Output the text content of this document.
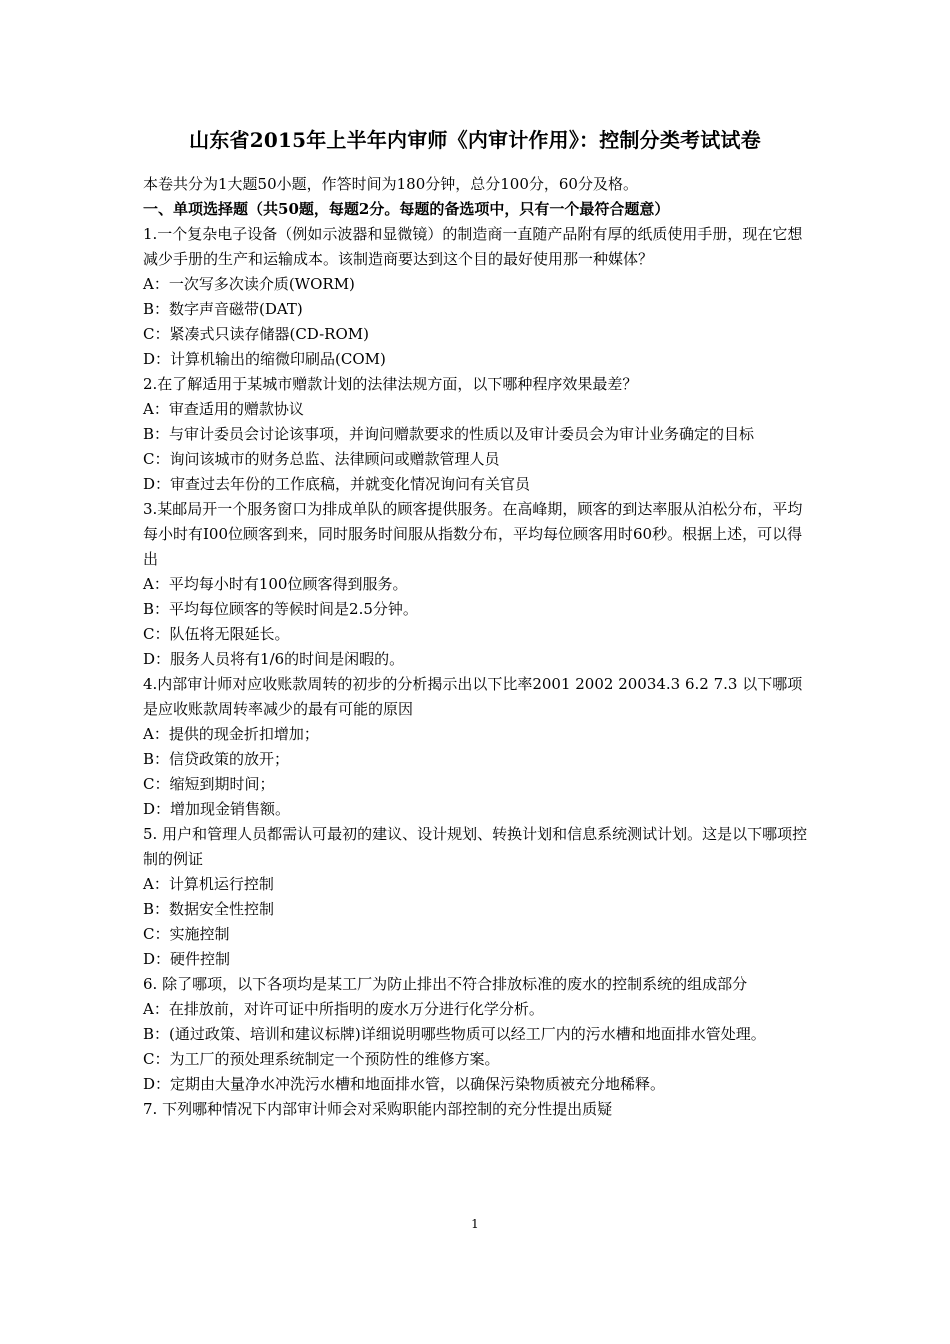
山东省2015年上半年内审师《内审计作用》：控制分类考试试卷

本卷共分为1大题50小题，作答时间为180分钟，总分100分，60分及格。

一、单项选择题（共50题，每题2分。每题的备选项中，只有一个最符合题意）

1.一个复杂电子设备（例如示波器和显微镜）的制造商一直随产品附有厚的纸质使用手册，现在它想减少手册的生产和运输成本。该制造商要达到这个目的最好使用那一种媒体？

A：一次写多次读介质(WORM)

B：数字声音磁带(DAT)

C：紧凑式只读存储器(CD-ROM)

D：计算机输出的缩微印刷品(COM)

2.在了解适用于某城市赠款计划的法律法规方面，以下哪种程序效果最差？

A：审查适用的赠款协议

B：与审计委员会讨论该事项，并询问赠款要求的性质以及审计委员会为审计业务确定的目标

C：询问该城市的财务总监、法律顾问或赠款管理人员

D：审查过去年份的工作底稿，并就变化情况询问有关官员

3.某邮局开一个服务窗口为排成单队的顾客提供服务。在高峰期，顾客的到达率服从泊松分布，平均每小时有I00位顾客到来，同时服务时间服从指数分布，平均每位顾客用时60秒。根据上述，可以得出

A：平均每小时有100位顾客得到服务。

B：平均每位顾客的等候时间是2.5分钟。

C：队伍将无限延长。

D：服务人员将有1/6的时间是闲暇的。

4.内部审计师对应收账款周转的初步的分析揭示出以下比率2001 2002 20034.3 6.2 7.3 以下哪项是应收账款周转率减少的最有可能的原因

A：提供的现金折扣增加；

B：信贷政策的放开；

C：缩短到期时间；

D：增加现金销售额。

5. 用户和管理人员都需认可最初的建议、设计规划、转换计划和信息系统测试计划。这是以下哪项控制的例证

A：计算机运行控制

B：数据安全性控制

C：实施控制

D：硬件控制

6. 除了哪项，以下各项均是某工厂为防止排出不符合排放标准的废水的控制系统的组成部分

A：在排放前，对许可证中所指明的废水万分进行化学分析。

B：(通过政策、培训和建议标牌)详细说明哪些物质可以经工厂内的污水槽和地面排水管处理。

C：为工厂的预处理系统制定一个预防性的维修方案。

D：定期由大量净水冲洗污水槽和地面排水管，以确保污染物质被充分地稀释。

7. 下列哪种情况下内部审计师会对采购职能内部控制的充分性提出质疑

1
